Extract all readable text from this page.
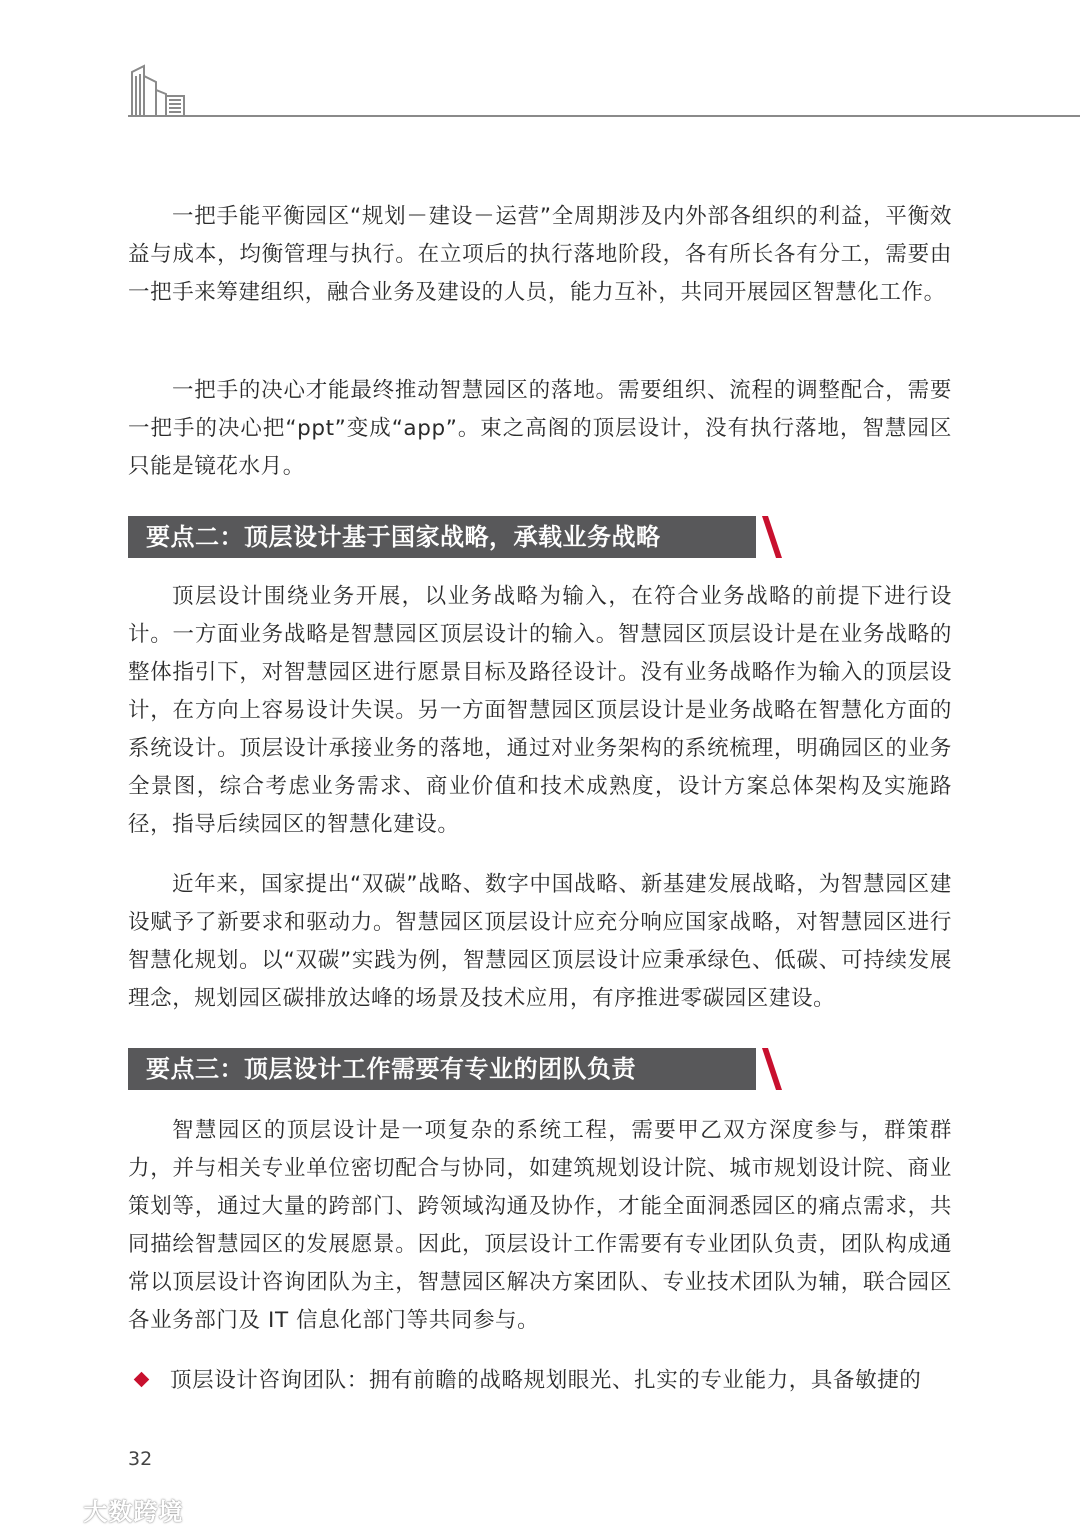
一把手能平衡园区“规划－建设－运营”全周期涉及内外部各组织的利益，平衡效益与成本，均衡管理与执行。在立项后的执行落地阶段，各有所长各有分工，需要由一把手来筹建组织，融合业务及建设的人员，能力互补，共同开展园区智慧化工作。

一把手的决心才能最终推动智慧园区的落地。需要组织、流程的调整配合，需要一把手的决心把“ppt”变成“app”。束之高阁的顶层设计，没有执行落地，智慧园区只能是镜花水月。

要点二：顶层设计基于国家战略，承载业务战略

顶层设计围绕业务开展，以业务战略为输入，在符合业务战略的前提下进行设计。一方面业务战略是智慧园区顶层设计的输入。智慧园区顶层设计是在业务战略的整体指引下，对智慧园区进行愿景目标及路径设计。没有业务战略作为输入的顶层设计，在方向上容易设计失误。另一方面智慧园区顶层设计是业务战略在智慧化方面的系统设计。顶层设计承接业务的落地，通过对业务架构的系统梳理，明确园区的业务全景图，综合考虑业务需求、商业价值和技术成熟度，设计方案总体架构及实施路径，指导后续园区的智慧化建设。

近年来，国家提出“双碳”战略、数字中国战略、新基建发展战略，为智慧园区建设赋予了新要求和驱动力。智慧园区顶层设计应充分响应国家战略，对智慧园区进行智慧化规划。以“双碳”实践为例，智慧园区顶层设计应秉承绿色、低碳、可持续发展理念，规划园区碳排放达峰的场景及技术应用，有序推进零碳园区建设。

要点三：顶层设计工作需要有专业的团队负责

智慧园区的顶层设计是一项复杂的系统工程，需要甲乙双方深度参与，群策群力，并与相关专业单位密切配合与协同，如建筑规划设计院、城市规划设计院、商业策划等，通过大量的跨部门、跨领域沟通及协作，才能全面洞悉园区的痛点需求，共同描绘智慧园区的发展愿景。因此，顶层设计工作需要有专业团队负责，团队构成通常以顶层设计咨询团队为主，智慧园区解决方案团队、专业技术团队为辅，联合园区各业务部门及 IT 信息化部门等共同参与。

顶层设计咨询团队：拥有前瞻的战略规划眼光、扎实的专业能力，具备敏捷的
32
大数跨境
